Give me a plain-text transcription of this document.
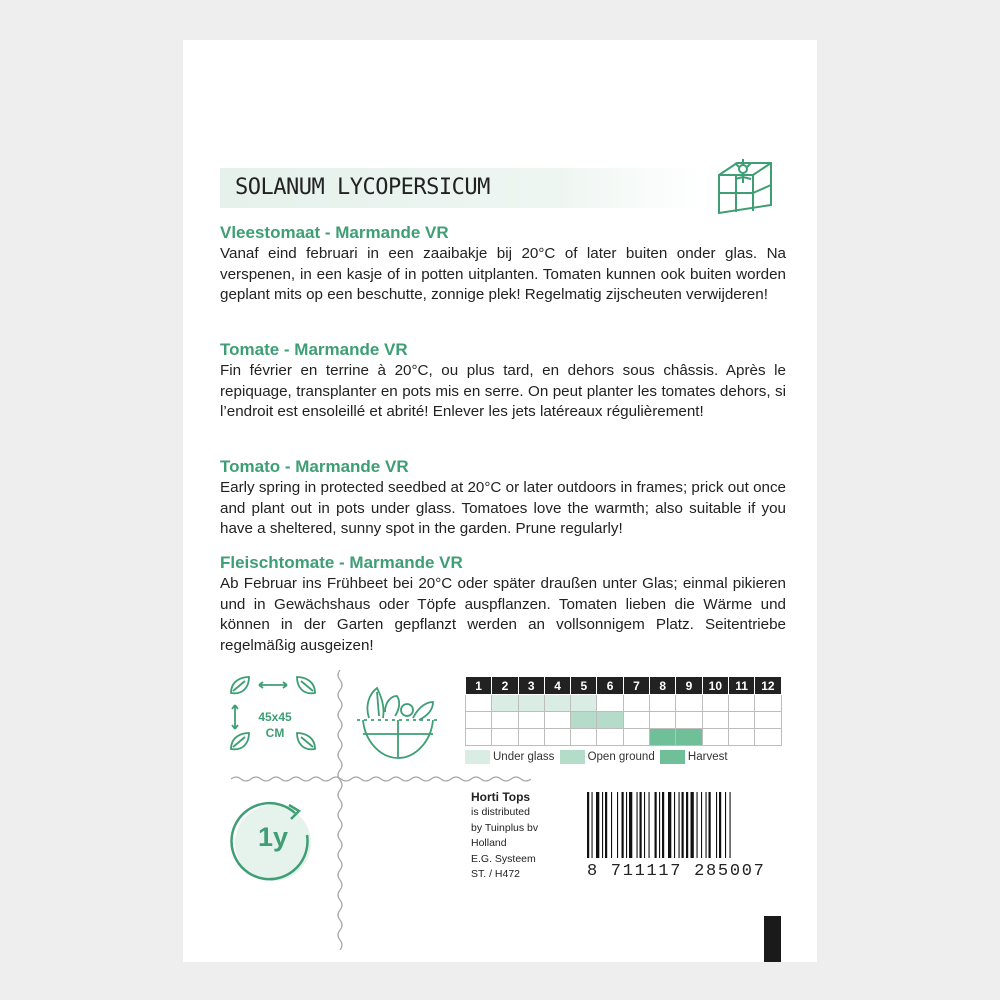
SOLANUM LYCOPERSICUM
Vleestomaat - Marmande VR
Vanaf eind februari in een zaaibakje bij 20°C of later buiten onder glas. Na verspenen, in een kasje of in potten uitplanten. Tomaten kunnen ook buiten worden geplant mits op een beschutte, zonnige plek! Regelmatig zijscheuten verwijderen!
Tomate - Marmande VR
Fin février en terrine à 20°C, ou plus tard, en dehors sous châssis. Après le repiquage, transplanter en pots mis en serre. On peut planter les tomates dehors, si l’endroit est ensoleillé et abrité! Enlever les jets latéreaux régulièrement!
Tomato - Marmande VR
Early spring in protected seedbed at 20°C or later outdoors in frames; prick out once and plant out in pots under glass. Tomatoes love the warmth; also suitable if you have a sheltered, sunny spot in the garden. Prune regularly!
Fleischtomate - Marmande VR
Ab Februar ins Frühbeet bei 20°C oder später draußen unter Glas; einmal pikieren und in Gewächshaus oder Töpfe auspflanzen. Tomaten lieben die Wärme und können in der Garten gepflanzt werden an vollsonnigem Platz. Seitentriebe regelmäßig ausgeizen!
45x45
CM
1y
1	2	3	4	5	6	7	8	9	10	11	12

Under glass	Open ground	Harvest
Horti Tops
is distributed
by Tuinplus bv
Holland
E.G. Systeem
ST. / H472	8 711117 285007
